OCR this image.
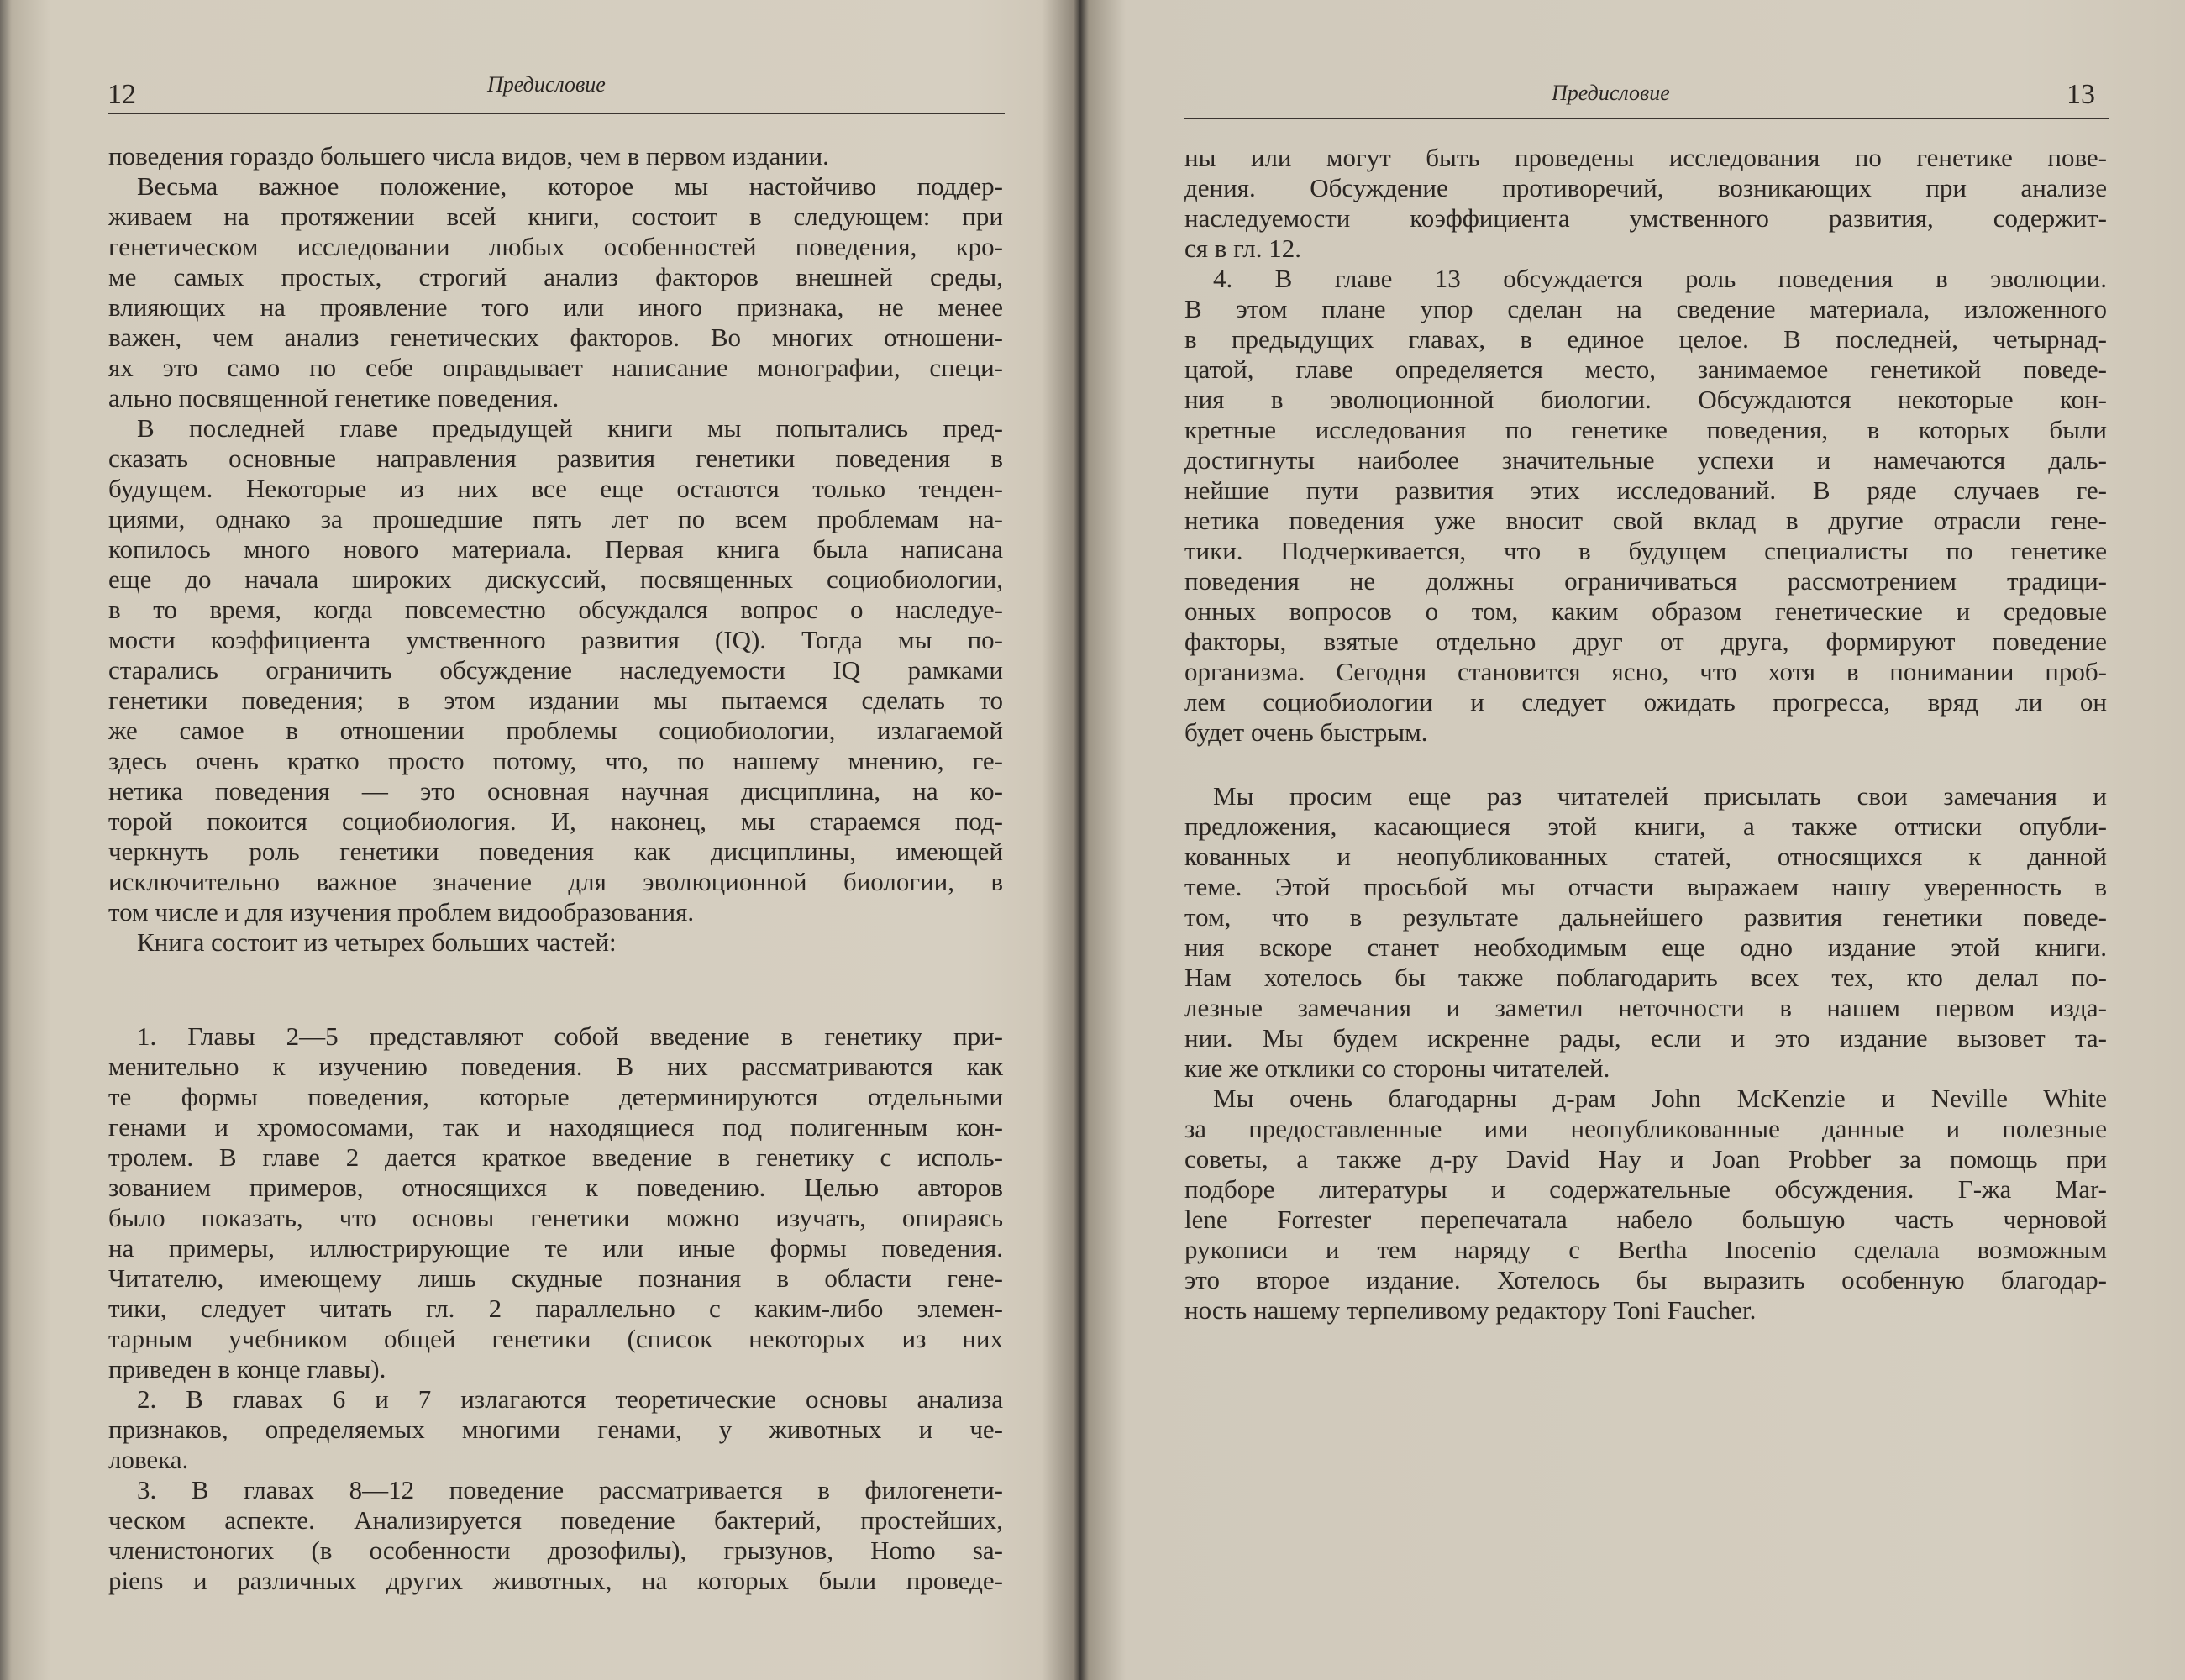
12	Предисловие
поведения гораздо большего числа видов, чем в первом издании.
Весьма важное положение, которое мы настойчиво поддер-
живаем на протяжении всей книги, состоит в следующем: при
генетическом исследовании любых особенностей поведения, кро-
ме самых простых, строгий анализ факторов внешней среды,
влияющих на проявление того или иного признака, не менее
важен, чем анализ генетических факторов. Во многих отношени-
ях это само по себе оправдывает написание монографии, специ-
ально посвященной генетике поведения.
В последней главе предыдущей книги мы попытались пред-
сказать основные направления развития генетики поведения в
будущем. Некоторые из них все еще остаются только тенден-
циями, однако за прошедшие пять лет по всем проблемам на-
копилось много нового материала. Первая книга была написана
еще до начала широких дискуссий, посвященных социобиологии,
в то время, когда повсеместно обсуждался вопрос о наследуе-
мости коэффициента умственного развития (IQ). Тогда мы по-
старались ограничить обсуждение наследуемости IQ рамками
генетики поведения; в этом издании мы пытаемся сделать то
же самое в отношении проблемы социобиологии, излагаемой
здесь очень кратко просто потому, что, по нашему мнению, ге-
нетика поведения — это основная научная дисциплина, на ко-
торой покоится социобиология. И, наконец, мы стараемся под-
черкнуть роль генетики поведения как дисциплины, имеющей
исключительно важное значение для эволюционной биологии, в
том числе и для изучения проблем видообразования.
Книга состоит из четырех больших частей:
1. Главы 2—5 представляют собой введение в генетику при-
менительно к изучению поведения. В них рассматриваются как
те формы поведения, которые детерминируются отдельными
генами и хромосомами, так и находящиеся под полигенным кон-
тролем. В главе 2 дается краткое введение в генетику с исполь-
зованием примеров, относящихся к поведению. Целью авторов
было показать, что основы генетики можно изучать, опираясь
на примеры, иллюстрирующие те или иные формы поведения.
Читателю, имеющему лишь скудные познания в области гене-
тики, следует читать гл. 2 параллельно с каким-либо элемен-
тарным учебником общей генетики (список некоторых из них
приведен в конце главы).
2. В главах 6 и 7 излагаются теоретические основы анализа
признаков, определяемых многими генами, у животных и че-
ловека.
3. В главах 8—12 поведение рассматривается в филогенети-
ческом аспекте. Анализируется поведение бактерий, простейших,
членистоногих (в особенности дрозофилы), грызунов, Homo sa-
piens и различных других животных, на которых были проведе-
13
Предисловие
ны или могут быть проведены исследования по генетике пове-
дения. Обсуждение противоречий, возникающих при анализе
наследуемости коэффициента умственного развития, содержит-
ся в гл. 12.
4. В главе 13 обсуждается роль поведения в эволюции.
В этом плане упор сделан на сведение материала, изложенного
в предыдущих главах, в единое целое. В последней, четырнад-
цатой, главе определяется место, занимаемое генетикой поведе-
ния в эволюционной биологии. Обсуждаются некоторые кон-
кретные исследования по генетике поведения, в которых были
достигнуты наиболее значительные успехи и намечаются даль-
нейшие пути развития этих исследований. В ряде случаев ге-
нетика поведения уже вносит свой вклад в другие отрасли гене-
тики. Подчеркивается, что в будущем специалисты по генетике
поведения не должны ограничиваться рассмотрением традици-
онных вопросов о том, каким образом генетические и средовые
факторы, взятые отдельно друг от друга, формируют поведение
организма. Сегодня становится ясно, что хотя в понимании проб-
лем социобиологии и следует ожидать прогресса, вряд ли он
будет очень быстрым.
Мы просим еще раз читателей присылать свои замечания и
предложения, касающиеся этой книги, а также оттиски опубли-
кованных и неопубликованных статей, относящихся к данной
теме. Этой просьбой мы отчасти выражаем нашу уверенность в
том, что в результате дальнейшего развития генетики поведе-
ния вскоре станет необходимым еще одно издание этой книги.
Нам хотелось бы также поблагодарить всех тех, кто делал по-
лезные замечания и заметил неточности в нашем первом изда-
нии. Мы будем искренне рады, если и это издание вызовет та-
кие же отклики со стороны читателей.
Мы очень благодарны д-рам John McKenzie и Neville White
за предоставленные ими неопубликованные данные и полезные
советы, а также д-ру David Hay и Joan Probber за помощь при
подборе литературы и содержательные обсуждения. Г-жа Mar-
lene Forrester перепечатала набело большую часть черновой
рукописи и тем наряду с Bertha Inocenio сделала возможным
это второе издание. Хотелось бы выразить особенную благодар-
ность нашему терпеливому редактору Toni Faucher.
